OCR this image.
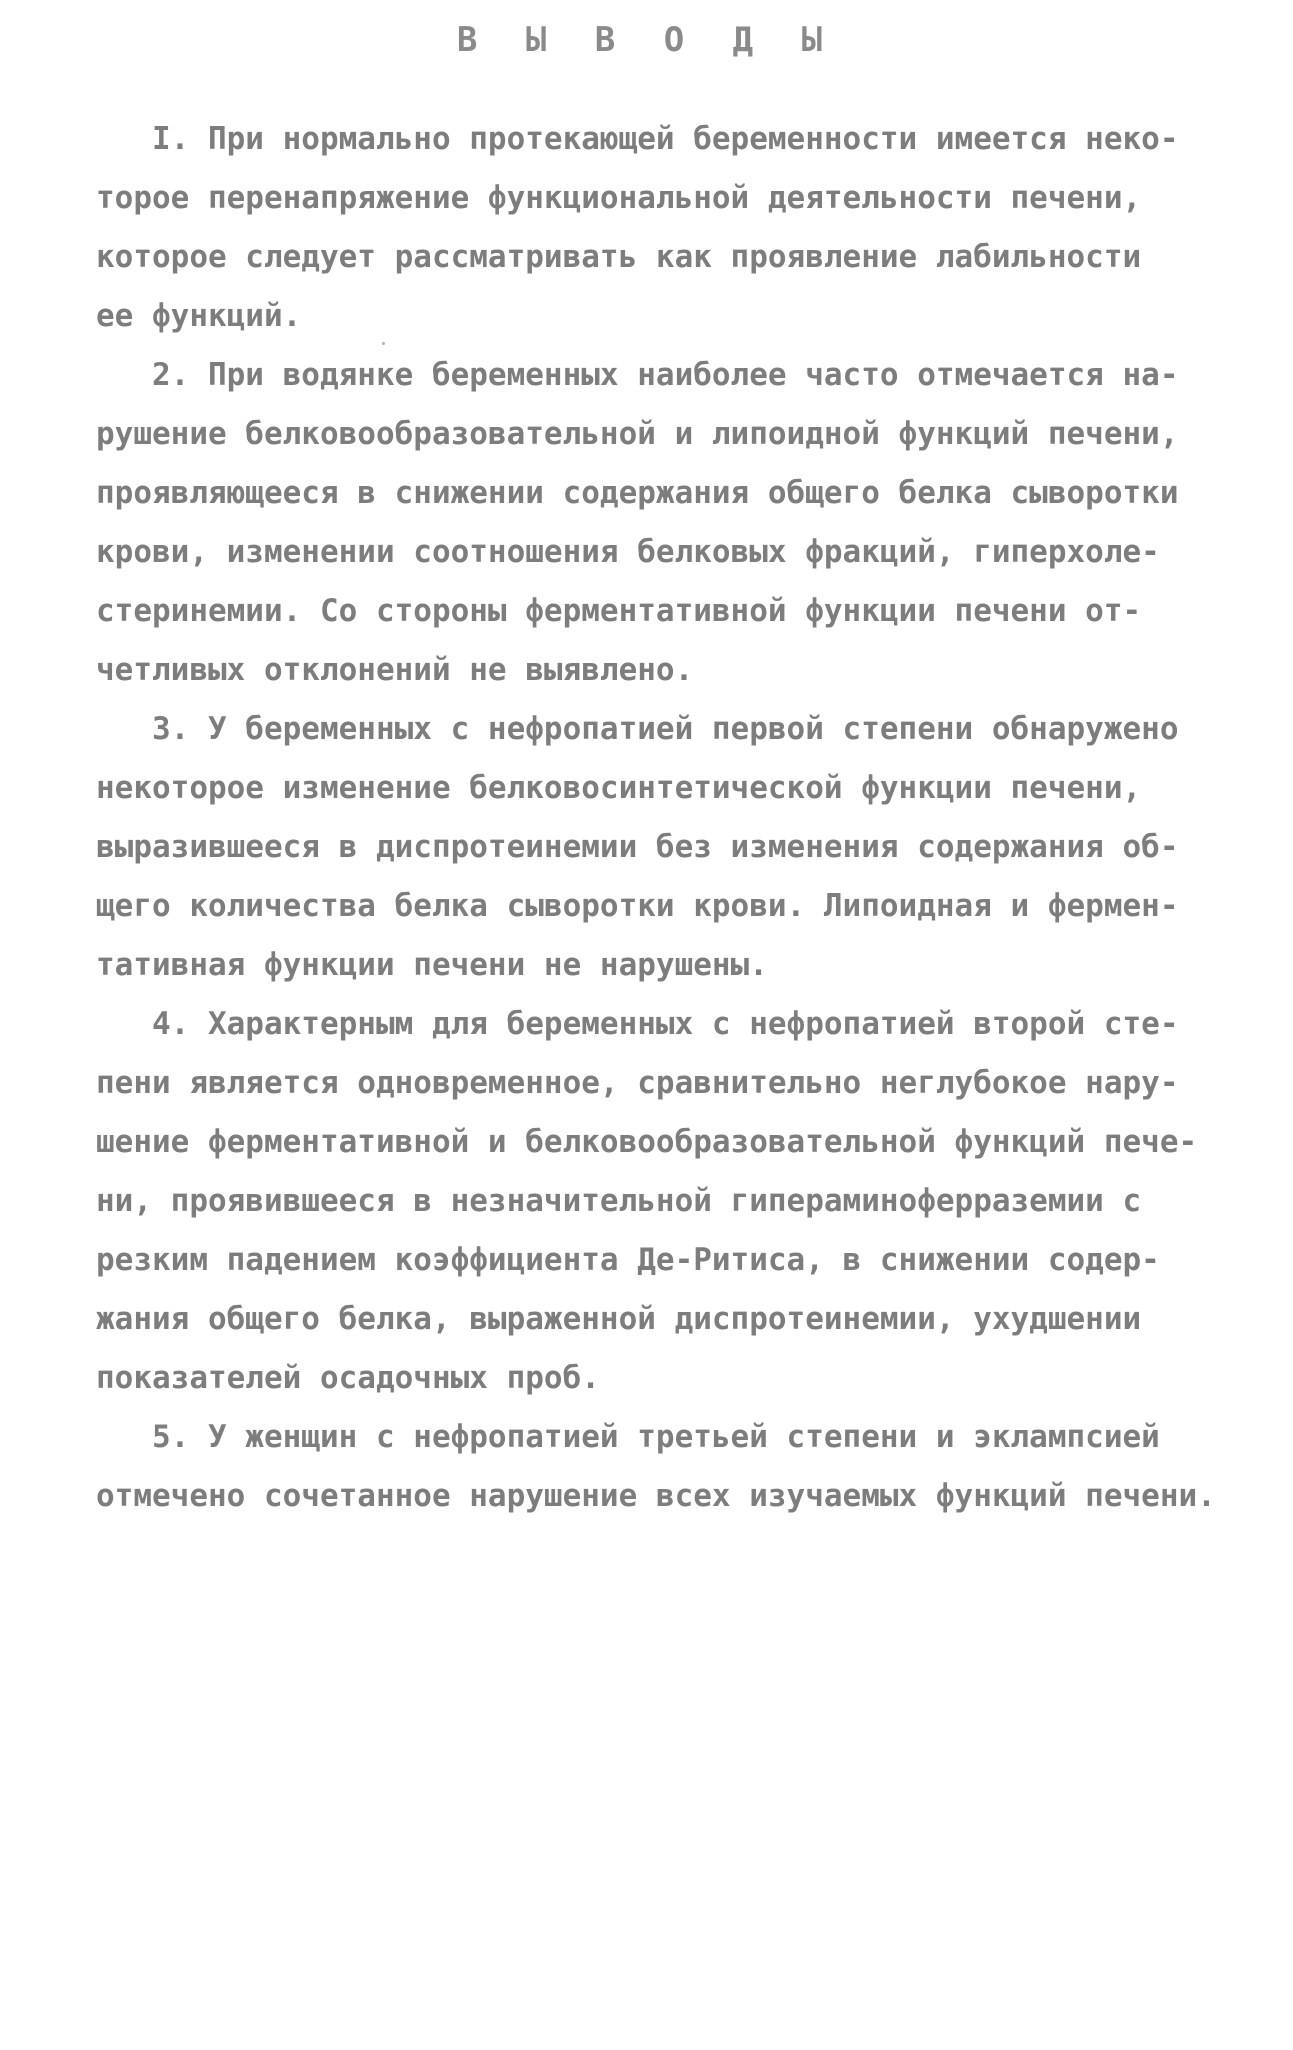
В Ы В О Д Ы
I. При нормально протекающей беременности имеется неко-
торое перенапряжение функциональной деятельности печени,
которое следует рассматривать как проявление лабильности
ее функций.
2. При водянке беременных наиболее часто отмечается на-
рушение белковообразовательной и липоидной функций печени,
проявляющееся в снижении содержания общего белка сыворотки
крови, изменении соотношения белковых фракций, гиперхоле-
стеринемии. Со стороны ферментативной функции печени от-
четливых отклонений не выявлено.
3. У беременных с нефропатией первой степени обнаружено
некоторое изменение белковосинтетической функции печени,
выразившееся в диспротеинемии без изменения содержания об-
щего количества белка сыворотки крови. Липоидная и фермен-
тативная функции печени не нарушены.
4. Характерным для беременных с нефропатией второй сте-
пени является одновременное, сравнительно неглубокое нару-
шение ферментативной и белковообразовательной функций пече-
ни, проявившееся в незначительной гипераминоферраземии с
резким падением коэффициента Де-Ритиса, в снижении содер-
жания общего белка, выраженной диспротеинемии, ухудшении
показателей осадочных проб.
5. У женщин с нефропатией третьей степени и эклампсией
отмечено сочетанное нарушение всех изучаемых функций печени.
